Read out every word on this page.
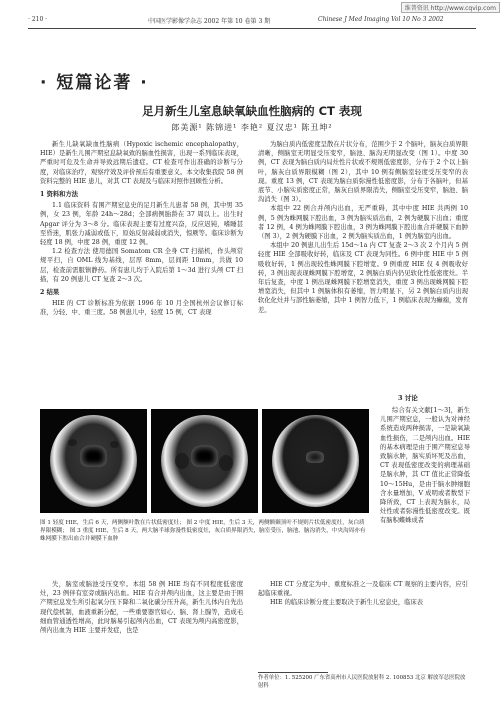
维普资讯 http://www.cqvip.com
· 210 ·	中国医学影像学杂志 2002 年第 10 卷第 3 期	Chinese J Med Imaging Vol 10 No 3 2002
· 短篇论著 ·
足月新生儿室息缺氧缺血性脑病的 CT 表现
郎美源¹ 陈锦进¹ 李艳² 夏汉忠¹ 陈丑坤²

新生儿缺氧缺血性脑病（Hypoxic ischemic encephalopathy，HIE）是新生儿围产期窒息缺氧致的脑血性损害，出现一系列临床表现，严重时可危及生命并导致远期后遗症。CT 检查可作出准确的诊断与分度，对临床治疗，观察疗效及评价预后有重要意义。本文收集我院 58 例资料完整的 HIE 患儿，对其 CT 表现及与临床对照作回顾性分析。

1 资料和方法

1.1 临床资料 有围产期窒息史的足月新生儿患者 58 例，其中男 35 例，女 23 例，年龄 24h～28d；全部病例胎龄在 37 周以上。出生时 Apgar 评分为 3～8 分。临床表现主要有过度兴奋，反应迟钝，嗜睡甚至昏迷，肌张力减弱或低下，原始反射减弱或消失，惊厥等。临床诊断为轻度 18 例，中度 28 例，重度 12 例。

1.2 检查方法 使用德国 Somatom CR 全身 CT 扫描机，作头颅常规平扫，自 OML 线为基线，层厚 8mm，层间距 10mm，共做 10 层，检查前需服镇静药。所有患儿均于入院后第 1～3d 进行头颅 CT 扫描，有 20 例患儿 CT 复查 2～3 次。

2 结果

HIE 的 CT 诊断标准为依据 1996 年 10 月全国杭州会议修订标准，分轻、中、重三度。58 例患儿中，轻度 15 例，CT 表现

为脑白质内低密度呈散在片状分布，范围少于 2 个脑叶，脑灰白质界限清晰，侧脑室无明显受压变窄，脑池、脑沟无明显改变（图 1）。中度 30 例，CT 表现为脑白质内局灶性片状或不规则低密度影，分布于 2 个以上脑叶，脑灰白质界限模糊（图 2），其中 10 例有侧脑室轻度受压变窄的表现。重度 13 例，CT 表现为脑白质弥漫性低密度影，分布于各脑叶，但基底节、小脑实质密度正常，脑灰白质界限消失，侧脑室受压变窄，脑池、脑沟消失（图 3）。

本组中 22 例合并颅内出血，无严重碍，其中中度 HIE 共两例 10 例，5 例为蛛网膜下腔出血，3 例为脑实质出血，2 例为硬膜下出血；重度者 12 例，4 例为蛛网膜下腔出血，3 例为蛛网膜下腔出血合并硬膜下血肿（图 3），2 例为硬膜下出血，2 例为脑实质出血，1 例为脑室内出血。

本组中 20 例患儿出生后 15d～1a 内 CT 复查 2～3 次 2 个月内 5 例轻度 HIE 全部吸收好转，临床及 CT 表现为同性。6 例中度 HIE 中 5 例吸收好转，1 例出现较性蛛网膜下腔增宽。9 例重度 HIE 仅 4 例吸收好转，3 例出现表现蛛网膜下腔增宽，2 例脑白质内仍见软化性低密度灶。半年后复查，中度 1 例出现蛛网膜下腔增宽消失，重度 3 例出现蛛网膜下腔增宽消失，但其中 1 例脑体积有萎缩，智力明显下，另 2 例脑白质内出现软化化灶并与部性脑萎缩，其中 1 例智力低下，1 例临床表现为癫痫，发育差。

图 1 轻度 HIE，生后 6 天，两侧额叶散在片状低密度灶； 图 2 中度 HIE，生后 3 天，两侧额颞顶叶不规则片状低密度灶，灰白质界限模糊； 图 3 重度 HIE，生后 8 天，两大脑半球弥漫性低密度灶，灰白质界限消失，脑室受压，脑池、脑沟消失，中央沟周亦有蛛网膜下腔出血合并硬膜下血肿

3 讨论

综合有关文献[1～3]，新生儿围产期窒息，一般认为对神经系统造成两种损害，一是缺氧缺血性损伤，二是颅内出血。HIE 的基本病理是由于围产期窒息导致脑水肿，脑实质坏死及出血，CT 表现低密度改变的病理基础是脑水肿，其 CT 值比正常降低 10～15Hu，是由于脑水肿细胞含水量增加，V 成明或者数型下降所致，CT 上表现为脑水，局灶性或者弥漫性低密度改变。既有脑积蝶蛛成者

失，脑室或脑池受压变窄。本组 58 例 HIE 均有不同程度低密度灶，23 例伴有室旁或脑内出血。HIE 有合并颅内出血，这主要是由于围产期窒息发生所引起氧分压下降和二氧化碳分压升高，新生儿体内自先出现代偿机制，血液重新分配，一些重要器官如心、脑、肾上腺等，造成毛细血管通透性增高，此时脑易引起颅内出血，CT 表现为颅内高密度影，颅内出血为 HIE 主要并发症，也是

HIE CT 分度定为中、重度标准之一及临床 CT 观察的主要内容，应引起临床重视。

HIE 的临床诊断分度主要取决于新生儿窒息史，临床表

作者单位：1. 525200 广东省高州市人民医院放射科 2. 100853 北京 解放军总医院放射科
